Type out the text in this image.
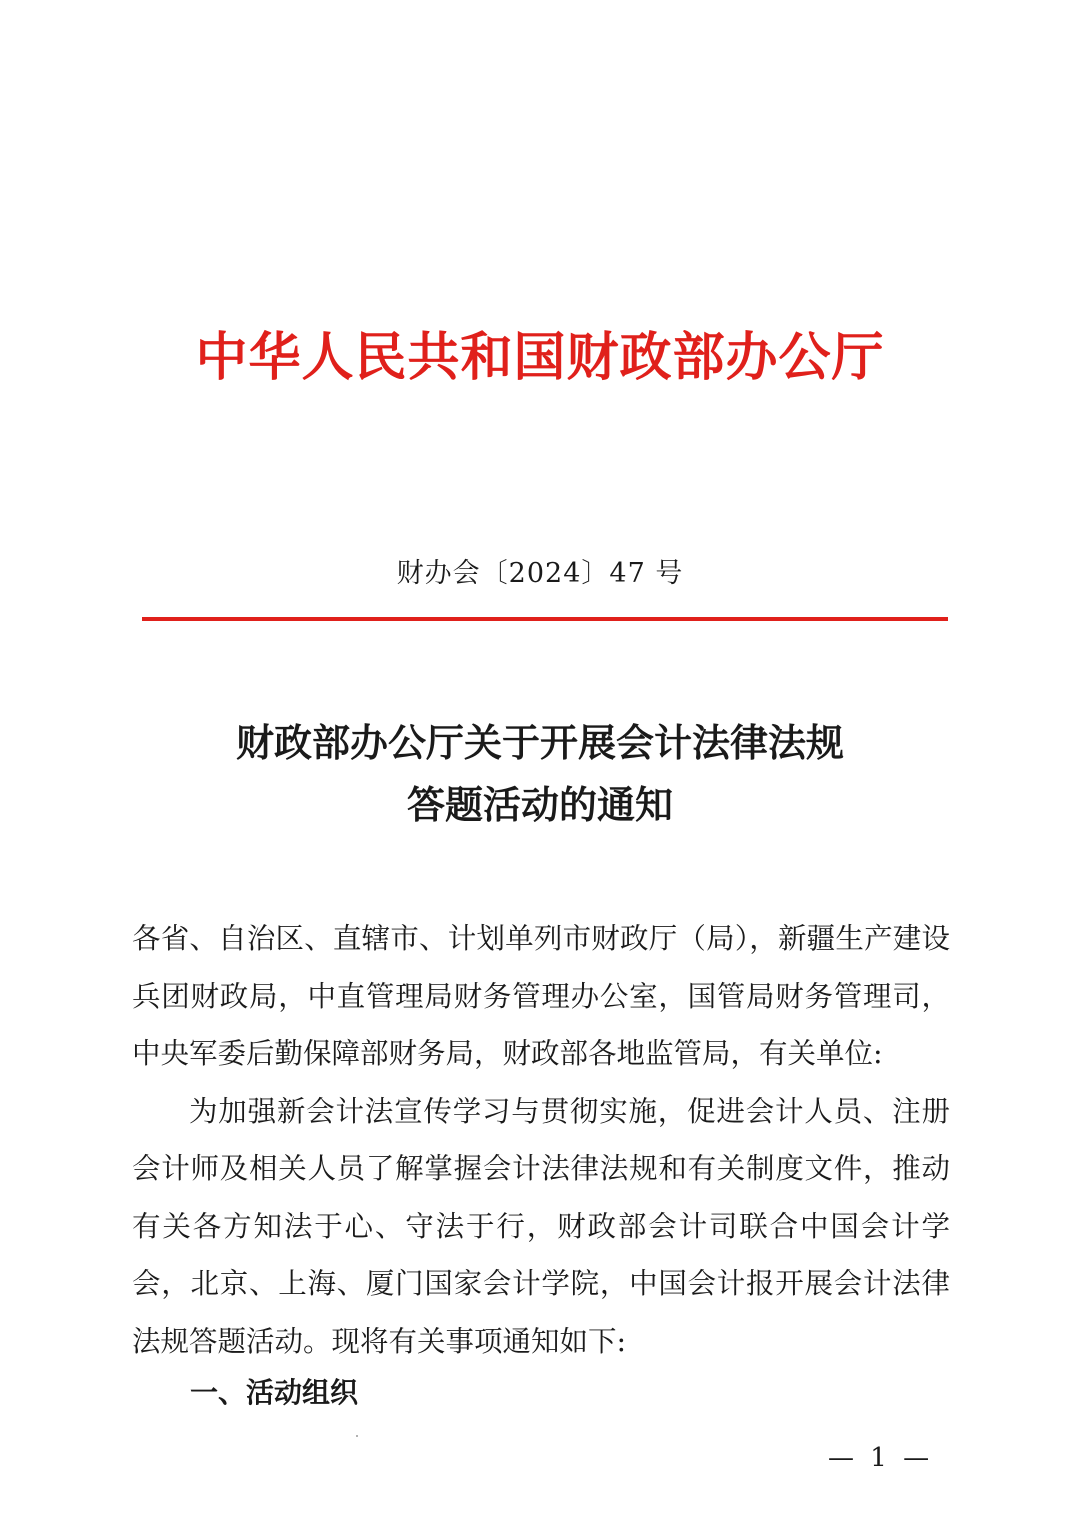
中华人民共和国财政部办公厅
财办会〔2024〕47 号
财政部办公厅关于开展会计法律法规
答题活动的通知

各省、自治区、直辖市、计划单列市财政厅（局），新疆生产建设兵团财政局，中直管理局财务管理办公室，国管局财务管理司，中央军委后勤保障部财务局，财政部各地监管局，有关单位:

为加强新会计法宣传学习与贯彻实施，促进会计人员、注册会计师及相关人员了解掌握会计法律法规和有关制度文件，推动有关各方知法于心、守法于行，财政部会计司联合中国会计学会，北京、上海、厦门国家会计学院，中国会计报开展会计法律法规答题活动。现将有关事项通知如下:

一、活动组织
— 1 —
